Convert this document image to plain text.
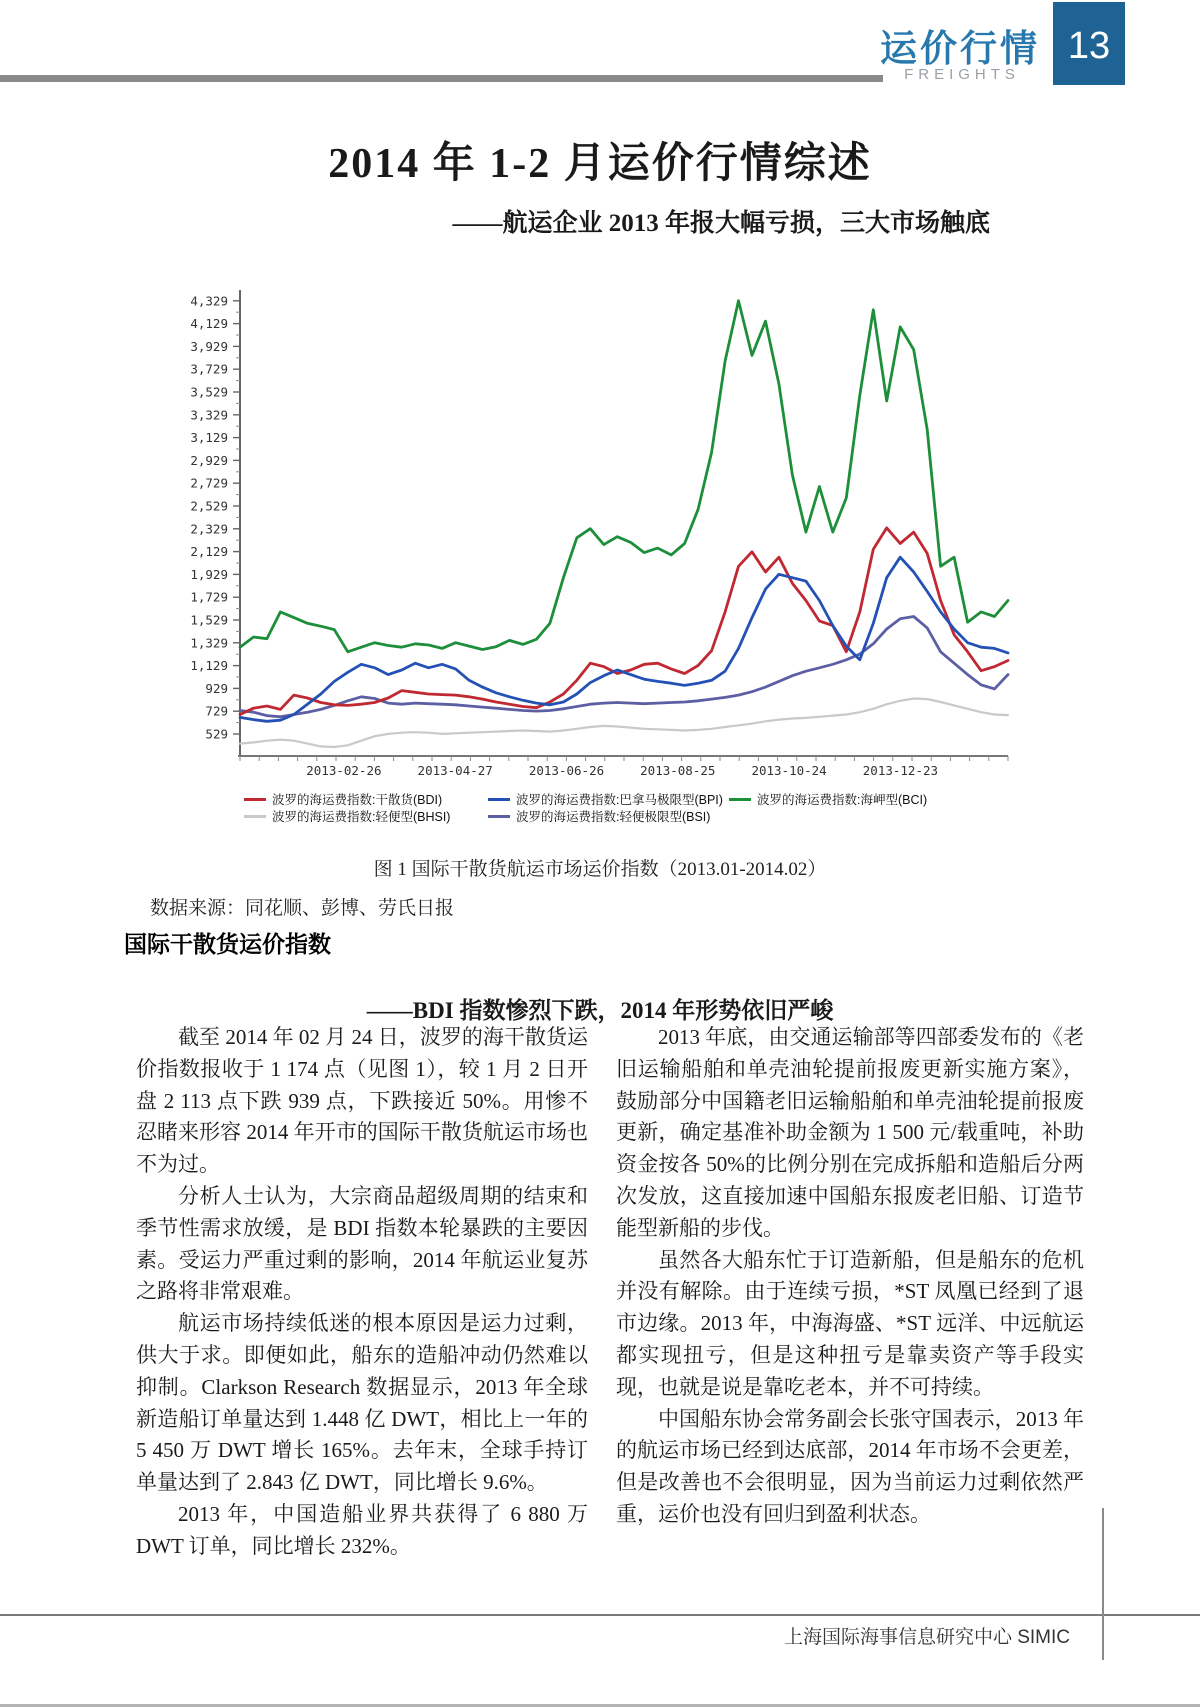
运价行情
FREIGHTS
13
2014 年 1-2 月运价行情综述
——航运企业 2013 年报大幅亏损，三大市场触底
529
729
929
1,129
1,329
1,529
1,729
1,929
2,129
2,329
2,529
2,729
2,929
3,129
3,329
3,529
3,729
3,929
4,129
4,329
2013-02-26	2013-04-27	2013-06-26	2013-08-25	2013-10-24	2013-12-23
波罗的海运费指数:干散货(BDI)	波罗的海运费指数:巴拿马极限型(BPI)	波罗的海运费指数:海岬型(BCI)
波罗的海运费指数:轻便型(BHSI)	波罗的海运费指数:轻便极限型(BSI)
图 1 国际干散货航运市场运价指数（2013.01-2014.02）
数据来源：同花顺、彭博、劳氏日报
国际干散货运价指数
——BDI 指数惨烈下跌，2014 年形势依旧严峻

截至 2014 年 02 月 24 日，波罗的海干散货运价指数报收于 1 174 点（见图 1），较 1 月 2 日开盘 2 113 点下跌 939 点，下跌接近 50%。用惨不忍睹来形容 2014 年开市的国际干散货航运市场也不为过。

分析人士认为，大宗商品超级周期的结束和季节性需求放缓，是 BDI 指数本轮暴跌的主要因素。受运力严重过剩的影响，2014 年航运业复苏之路将非常艰难。

航运市场持续低迷的根本原因是运力过剩，供大于求。即便如此，船东的造船冲动仍然难以抑制。Clarkson Research 数据显示，2013 年全球新造船订单量达到 1.448 亿 DWT，相比上一年的 5 450 万 DWT 增长 165%。去年末，全球手持订单量达到了 2.843 亿 DWT，同比增长 9.6%。

2013 年，中国造船业界共获得了 6 880 万 DWT 订单，同比增长 232%。

2013 年底，由交通运输部等四部委发布的《老旧运输船舶和单壳油轮提前报废更新实施方案》，鼓励部分中国籍老旧运输船舶和单壳油轮提前报废更新，确定基准补助金额为 1 500 元/载重吨，补助资金按各 50%的比例分别在完成拆船和造船后分两次发放，这直接加速中国船东报废老旧船、订造节能型新船的步伐。

虽然各大船东忙于订造新船，但是船东的危机并没有解除。由于连续亏损，*ST 凤凰已经到了退市边缘。2013 年，中海海盛、*ST 远洋、中远航运都实现扭亏，但是这种扭亏是靠卖资产等手段实现，也就是说是靠吃老本，并不可持续。

中国船东协会常务副会长张守国表示，2013 年的航运市场已经到达底部，2014 年市场不会更差，但是改善也不会很明显，因为当前运力过剩依然严重，运价也没有回归到盈利状态。

上海国际海事信息研究中心 SIMIC
